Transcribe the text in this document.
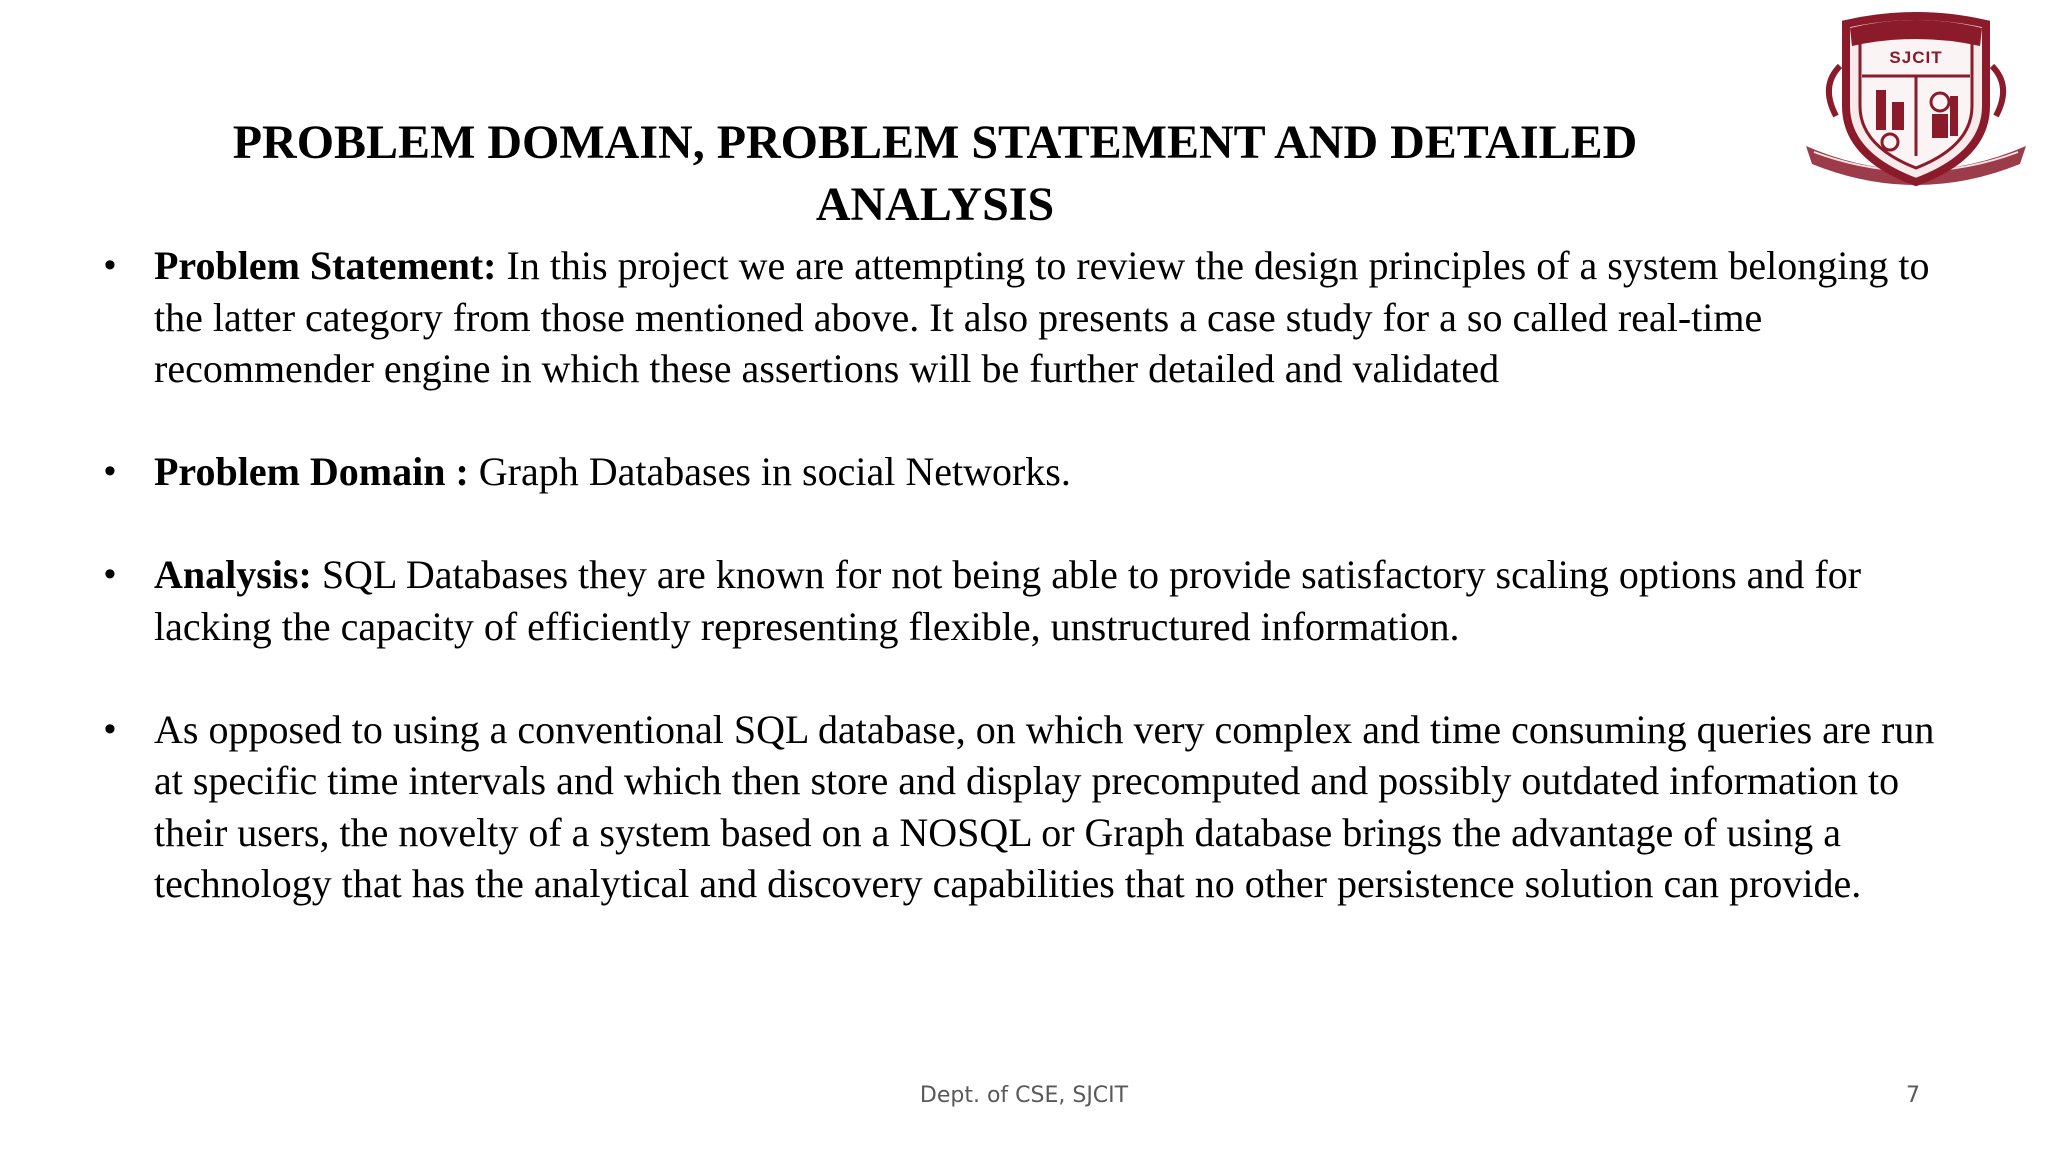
PROBLEM DOMAIN, PROBLEM STATEMENT AND DETAILED
ANALYSIS
SJCIT
• Problem Statement: In this project we are attempting to review the design principles of a system belonging to the latter category from those mentioned above. It also presents a case study for a so called real-time recommender engine in which these assertions will be further detailed and validated
• Problem Domain : Graph Databases in social Networks.
• Analysis: SQL Databases they are known for not being able to provide satisfactory scaling options and for lacking the capacity of efficiently representing flexible, unstructured information.
• As opposed to using a conventional SQL database, on which very complex and time consuming queries are run at specific time intervals and which then store and display precomputed and possibly outdated information to their users, the novelty of a system based on a NOSQL or Graph database brings the advantage of using a technology that has the analytical and discovery capabilities that no other persistence solution can provide.
Dept. of CSE, SJCIT	7
